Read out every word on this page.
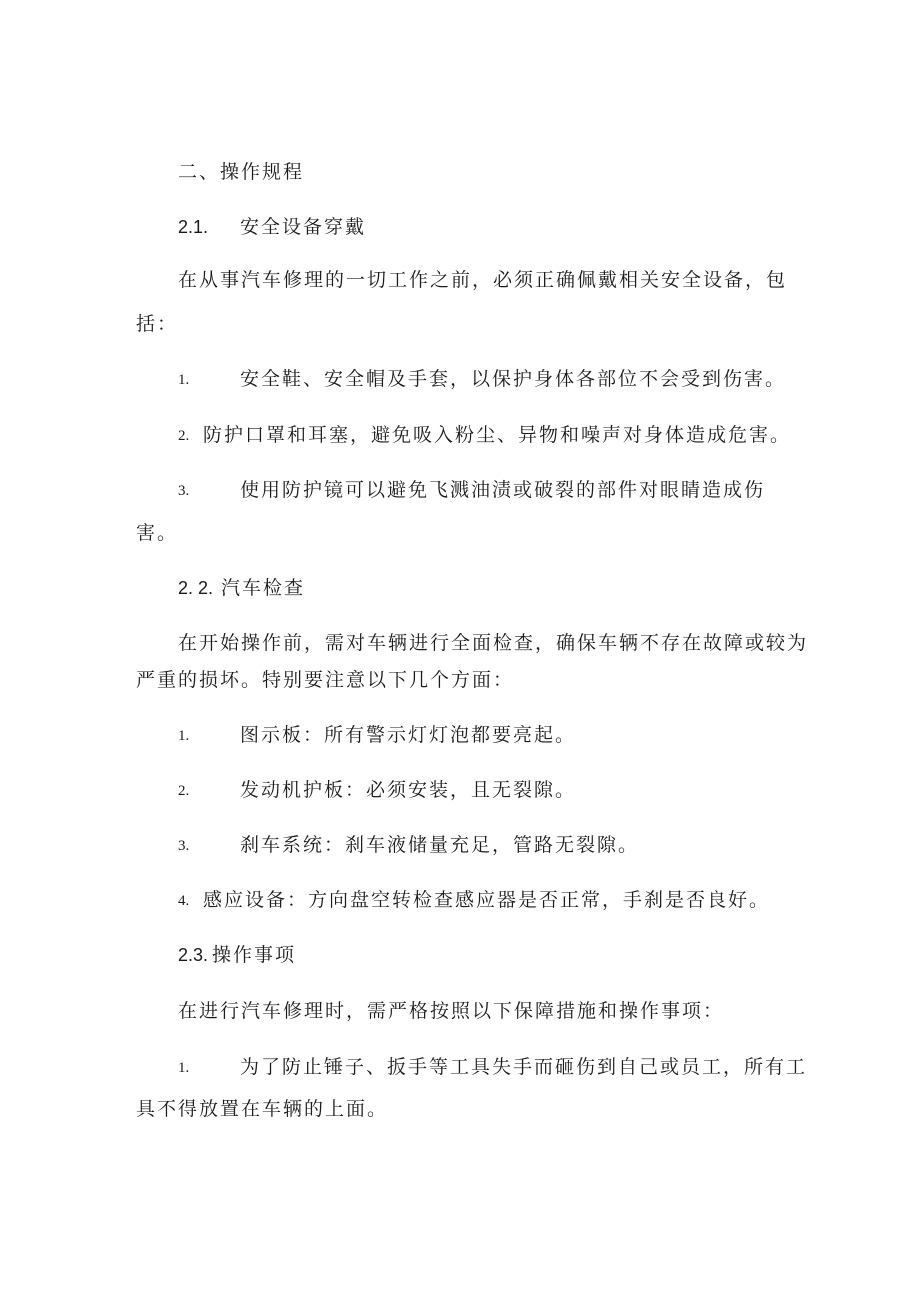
二、操作规程
2.1. 安全设备穿戴
在从事汽车修理的一切工作之前，必须正确佩戴相关安全设备，包
括：
1.	安全鞋、安全帽及手套，以保护身体各部位不会受到伤害。
2. 防护口罩和耳塞，避免吸入粉尘、异物和噪声对身体造成危害。
3.	使用防护镜可以避免飞溅油渍或破裂的部件对眼睛造成伤
害。
2. 2. 汽车检查
在开始操作前，需对车辆进行全面检查，确保车辆不存在故障或较为
严重的损坏。特别要注意以下几个方面：
1.	图示板：所有警示灯灯泡都要亮起。
2.	发动机护板：必须安装，且无裂隙。
3.	刹车系统：刹车液储量充足，管路无裂隙。
4. 感应设备：方向盘空转检查感应器是否正常，手刹是否良好。
2.3. 操作事项
在进行汽车修理时，需严格按照以下保障措施和操作事项：
1.	为了防止锤子、扳手等工具失手而砸伤到自己或员工，所有工
具不得放置在车辆的上面。
